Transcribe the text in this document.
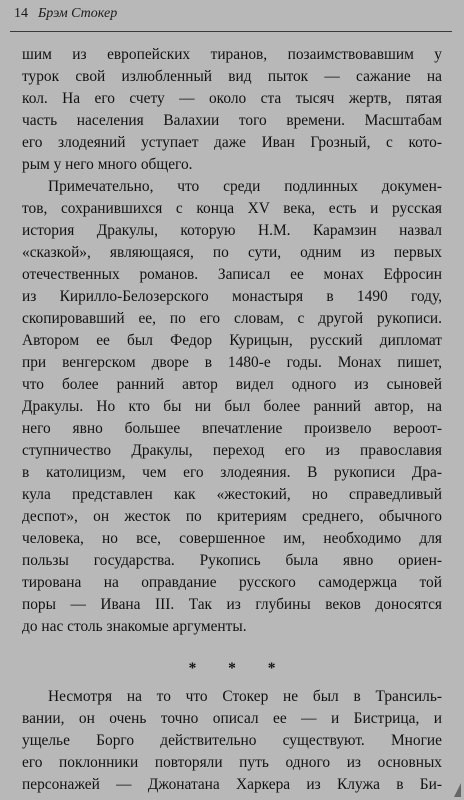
14 Брэм Стокер
шим из европейских тиранов, позаимствовавшим у
турок свой излюбленный вид пыток — сажание на
кол. На его счету — около ста тысяч жертв, пятая
часть населения Валахии того времени. Масштабам
его злодеяний уступает даже Иван Грозный, с кото-
рым у него много общего.
Примечательно, что среди подлинных докумен-
тов, сохранившихся с конца XV века, есть и русская
история Дракулы, которую Н.М. Карамзин назвал
«сказкой», являющаяся, по сути, одним из первых
отечественных романов. Записал ее монах Ефросин
из Кирилло-Белозерского монастыря в 1490 году,
скопировавший ее, по его словам, с другой рукописи.
Автором ее был Федор Курицын, русский дипломат
при венгерском дворе в 1480-е годы. Монах пишет,
что более ранний автор видел одного из сыновей
Дракулы. Но кто бы ни был более ранний автор, на
него явно большее впечатление произвело вероот-
ступничество Дракулы, переход его из православия
в католицизм, чем его злодеяния. В рукописи Дра-
кула представлен как «жестокий, но справедливый
деспот», он жесток по критериям среднего, обычного
человека, но все, совершенное им, необходимо для
пользы государства. Рукопись была явно ориен-
тирована на оправдание русского самодержца той
поры — Ивана III. Так из глубины веков доносятся
до нас столь знакомые аргументы.
* * *
Несмотря на то что Стокер не был в Трансиль-
вании, он очень точно описал ее — и Бистрица, и
ущелье Борго действительно существуют. Многие
его поклонники повторяли путь одного из основных
персонажей — Джонатана Харкера из Клужа в Би-
